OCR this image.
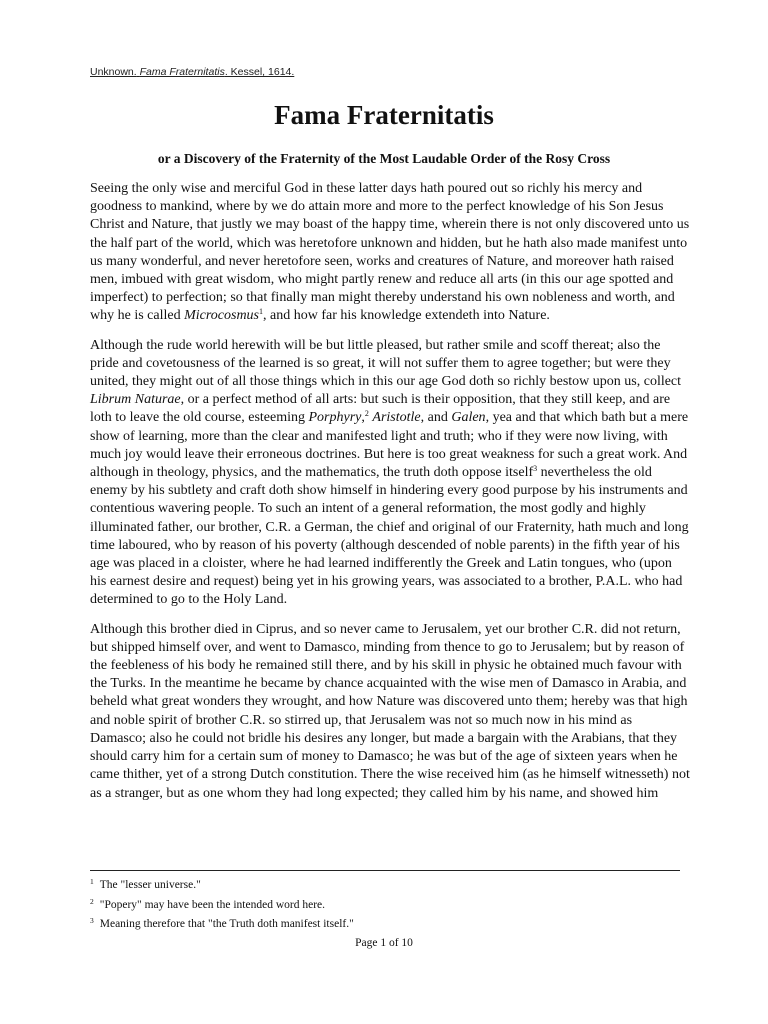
Unknown. Fama Fraternitatis. Kessel, 1614.
Fama Fraternitatis
or a Discovery of the Fraternity of the Most Laudable Order of the Rosy Cross

Seeing the only wise and merciful God in these latter days hath poured out so richly his mercy and goodness to mankind, where by we do attain more and more to the perfect knowledge of his Son Jesus Christ and Nature, that justly we may boast of the happy time, wherein there is not only discovered unto us the half part of the world, which was heretofore unknown and hidden, but he hath also made manifest unto us many wonderful, and never heretofore seen, works and creatures of Nature, and moreover hath raised men, imbued with great wisdom, who might partly renew and reduce all arts (in this our age spotted and imperfect) to perfection; so that finally man might thereby understand his own nobleness and worth, and why he is called Microcosmus$^1$, and how far his knowledge extendeth into Nature.

Although the rude world herewith will be but little pleased, but rather smile and scoff thereat; also the pride and covetousness of the learned is so great, it will not suffer them to agree together; but were they united, they might out of all those things which in this our age God doth so richly bestow upon us, collect Librum Naturae, or a perfect method of all arts: but such is their opposition, that they still keep, and are loth to leave the old course, esteeming Porphyry,$^2$ Aristotle, and Galen, yea and that which bath but a mere show of learning, more than the clear and manifested light and truth; who if they were now living, with much joy would leave their erroneous doctrines. But here is too great weakness for such a great work. And although in theology, physics, and the mathematics, the truth doth oppose itself$^3$ nevertheless the old enemy by his subtlety and craft doth show himself in hindering every good purpose by his instruments and contentious wavering people. To such an intent of a general reformation, the most godly and highly illuminated father, our brother, C.R. a German, the chief and original of our Fraternity, hath much and long time laboured, who by reason of his poverty (although descended of noble parents) in the fifth year of his age was placed in a cloister, where he had learned indifferently the Greek and Latin tongues, who (upon his earnest desire and request) being yet in his growing years, was associated to a brother, P.A.L. who had determined to go to the Holy Land.

Although this brother died in Ciprus, and so never came to Jerusalem, yet our brother C.R. did not return, but shipped himself over, and went to Damasco, minding from thence to go to Jerusalem; but by reason of the feebleness of his body he remained still there, and by his skill in physic he obtained much favour with the Turks. In the meantime he became by chance acquainted with the wise men of Damasco in Arabia, and beheld what great wonders they wrought, and how Nature was discovered unto them; hereby was that high and noble spirit of brother C.R. so stirred up, that Jerusalem was not so much now in his mind as Damasco; also he could not bridle his desires any longer, but made a bargain with the Arabians, that they should carry him for a certain sum of money to Damasco; he was but of the age of sixteen years when he came thither, yet of a strong Dutch constitution. There the wise received him (as he himself witnesseth) not as a stranger, but as one whom they had long expected; they called him by his name, and showed him

$^1$ The "lesser universe."
$^2$ "Popery" may have been the intended word here.
$^3$ Meaning therefore that "the Truth doth manifest itself."
Page 1 of 10
